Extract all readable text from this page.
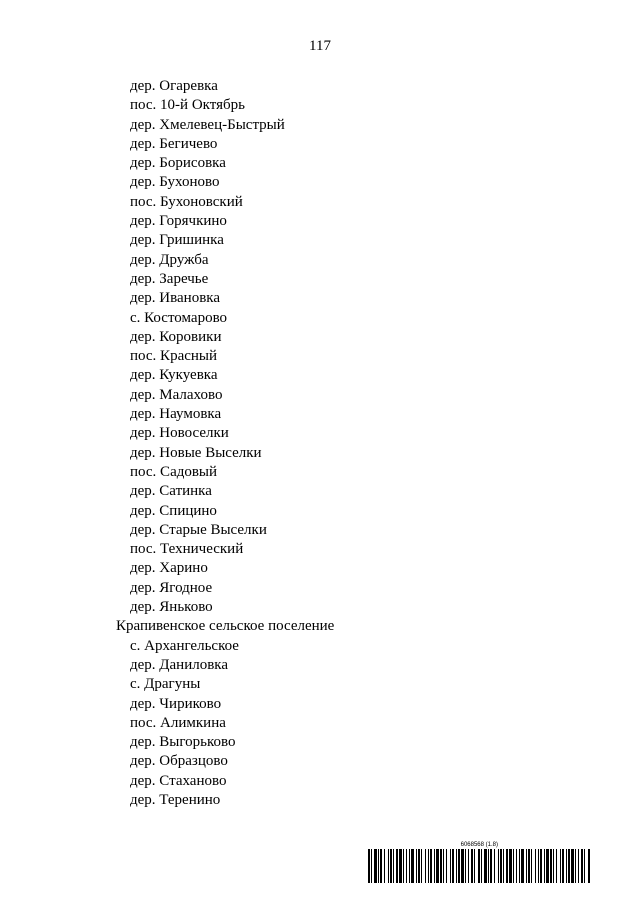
117
дер. Огаревка
пос. 10-й Октябрь
дер. Хмелевец-Быстрый
дер. Бегичево
дер. Борисовка
дер. Бухоново
пос. Бухоновский
дер. Горячкино
дер. Гришинка
дер. Дружба
дер. Заречье
дер. Ивановка
с. Костомарово
дер. Коровики
пос. Красный
дер. Кукуевка
дер. Малахово
дер. Наумовка
дер. Новоселки
дер. Новые Выселки
пос. Садовый
дер. Сатинка
дер. Спицино
дер. Старые Выселки
пос. Технический
дер. Харино
дер. Ягодное
дер. Яньково
Крапивенское сельское поселение
с. Архангельское
дер. Даниловка
с. Драгуны
дер. Чириково
пос. Алимкина
дер. Выгорьково
дер. Образцово
дер. Стаханово
дер. Теренино
6068568 (1.8)
